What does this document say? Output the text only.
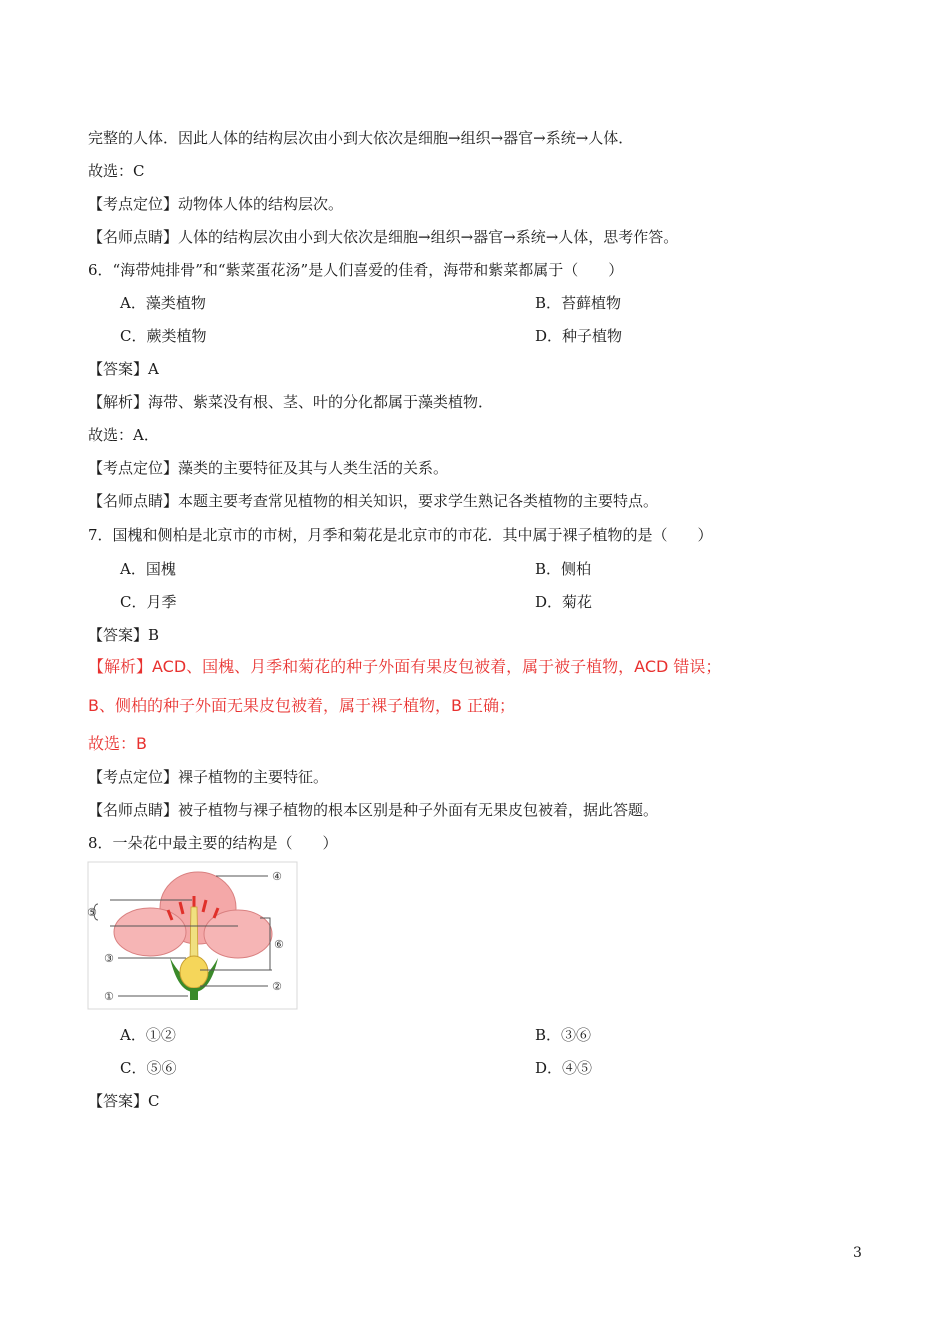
完整的人体．因此人体的结构层次由小到大依次是细胞→组织→器官→系统→人体．
故选：C
【考点定位】动物体人体的结构层次。
【名师点睛】人体的结构层次由小到大依次是细胞→组织→器官→系统→人体，思考作答。
6．“海带炖排骨”和“紫菜蛋花汤”是人们喜爱的佳肴，海带和紫菜都属于（　　）
A．藻类植物	B．苔藓植物
C．蕨类植物	D．种子植物
【答案】A
【解析】海带、紫菜没有根、茎、叶的分化都属于藻类植物．
故选：A．
【考点定位】藻类的主要特征及其与人类生活的关系。
【名师点睛】本题主要考查常见植物的相关知识，要求学生熟记各类植物的主要特点。
7．国槐和侧柏是北京市的市树，月季和菊花是北京市的市花．其中属于裸子植物的是（　　）
A．国槐	B．侧柏
C．月季	D．菊花
【答案】B
【解析】ACD、国槐、月季和菊花的种子外面有果皮包被着，属于被子植物，ACD 错误；
B、侧柏的种子外面无果皮包被着，属于裸子植物，B 正确；
故选：B
【考点定位】裸子植物的主要特征。
【名师点睛】被子植物与裸子植物的根本区别是种子外面有无果皮包被着，据此答题。
8．一朵花中最主要的结构是（　　）
④
⑤
⑥
③
②
①
A．①②	B．③⑥
C．⑤⑥	D．④⑤
【答案】C
3
